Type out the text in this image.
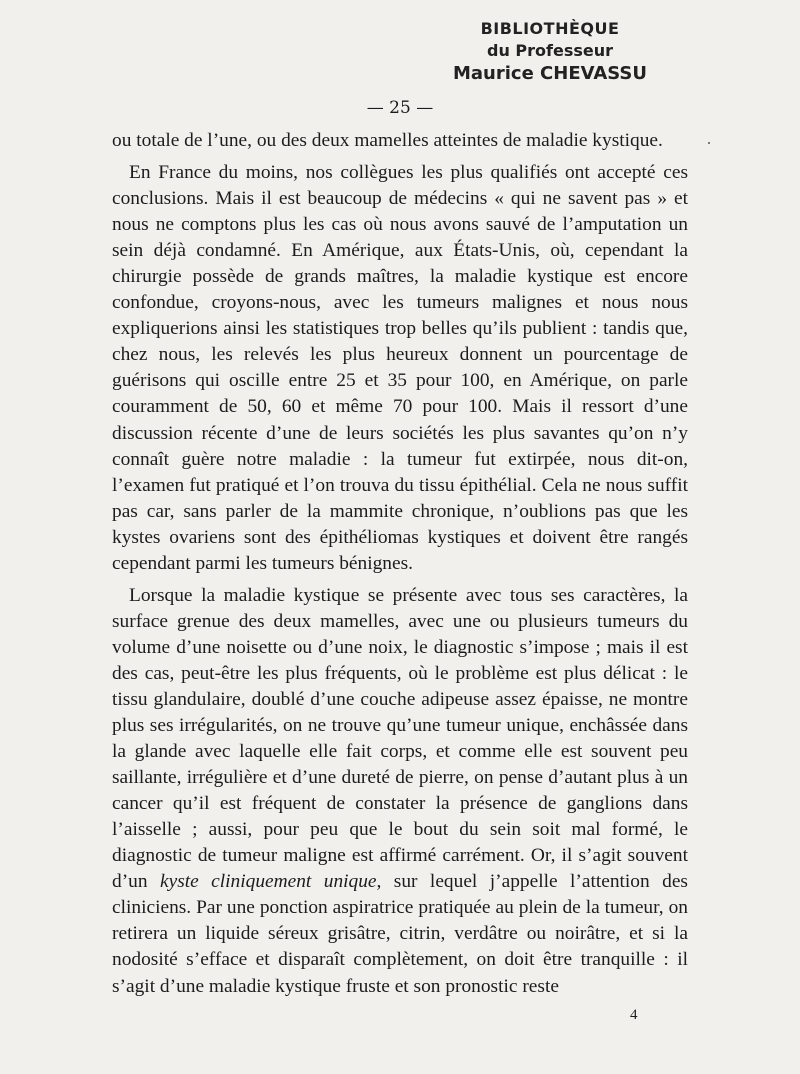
BIBLIOTHÈQUE
du Professeur
Maurice CHEVASSU
— 25 —

ou totale de l’une, ou des deux mamelles atteintes de maladie kystique.

En France du moins, nos collègues les plus qualifiés ont accepté ces conclusions. Mais il est beaucoup de médecins « qui ne savent pas » et nous ne comptons plus les cas où nous avons sauvé de l’amputation un sein déjà condamné. En Amérique, aux États-Unis, où, cependant la chirurgie possède de grands maîtres, la maladie kystique est encore confondue, croyons-nous, avec les tumeurs malignes et nous nous expliquerions ainsi les statistiques trop belles qu’ils publient : tandis que, chez nous, les relevés les plus heureux donnent un pourcentage de guérisons qui oscille entre 25 et 35 pour 100, en Amérique, on parle couramment de 50, 60 et même 70 pour 100. Mais il ressort d’une discussion récente d’une de leurs sociétés les plus savantes qu’on n’y connaît guère notre maladie : la tumeur fut extirpée, nous dit-on, l’examen fut pratiqué et l’on trouva du tissu épithélial. Cela ne nous suffit pas car, sans parler de la mammite chronique, n’oublions pas que les kystes ovariens sont des épithéliomas kystiques et doivent être rangés cependant parmi les tumeurs bénignes.

Lorsque la maladie kystique se présente avec tous ses caractères, la surface grenue des deux mamelles, avec une ou plusieurs tumeurs du volume d’une noisette ou d’une noix, le diagnostic s’impose ; mais il est des cas, peut-être les plus fréquents, où le problème est plus délicat : le tissu glandulaire, doublé d’une couche adipeuse assez épaisse, ne montre plus ses irrégularités, on ne trouve qu’une tumeur unique, enchâssée dans la glande avec laquelle elle fait corps, et comme elle est souvent peu saillante, irrégulière et d’une dureté de pierre, on pense d’autant plus à un cancer qu’il est fréquent de constater la présence de ganglions dans l’aisselle ; aussi, pour peu que le bout du sein soit mal formé, le diagnostic de tumeur maligne est affirmé carrément. Or, il s’agit souvent d’un kyste cliniquement unique, sur lequel j’appelle l’attention des cliniciens. Par une ponction aspiratrice pratiquée au plein de la tumeur, on retirera un liquide séreux grisâtre, citrin, verdâtre ou noirâtre, et si la nodosité s’efface et disparaît complètement, on doit être tranquille : il s’agit d’une maladie kystique fruste et son pronostic reste

4
